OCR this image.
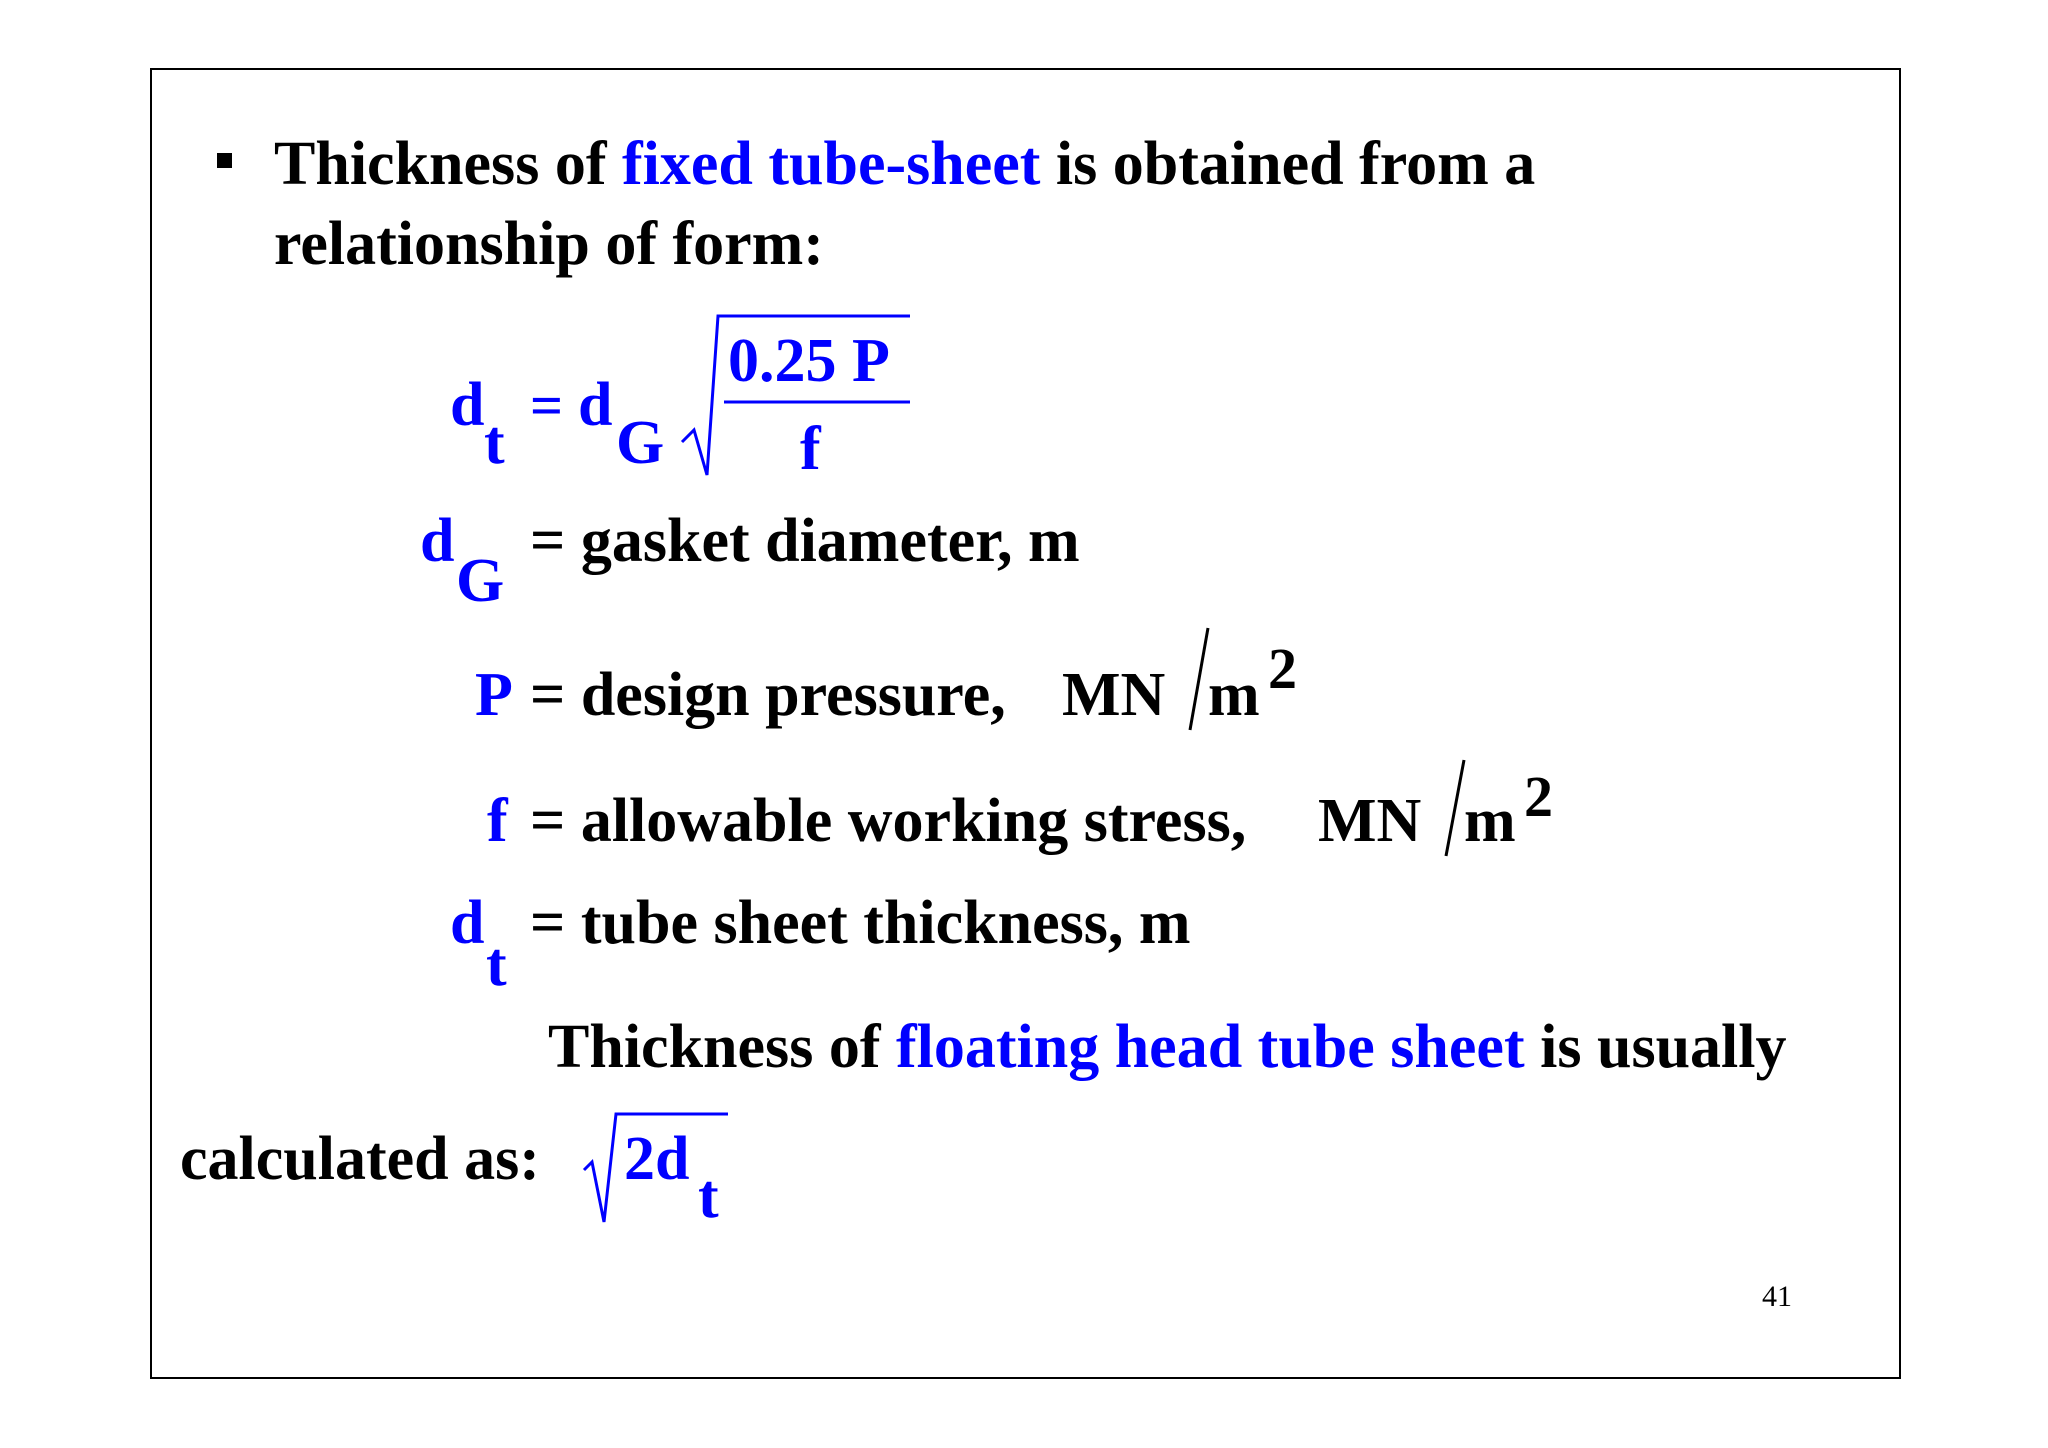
Thickness of fixed tube-sheet is obtained from a
relationship of form:
d
t
= d
G
0.25 P
f
d
G
= gasket diameter, m
P = design pressure, MN m 2
f = allowable working stress, MN m 2
d
t
= tube sheet thickness, m
Thickness of floating head tube sheet is usually
calculated as: 2d
t
41
